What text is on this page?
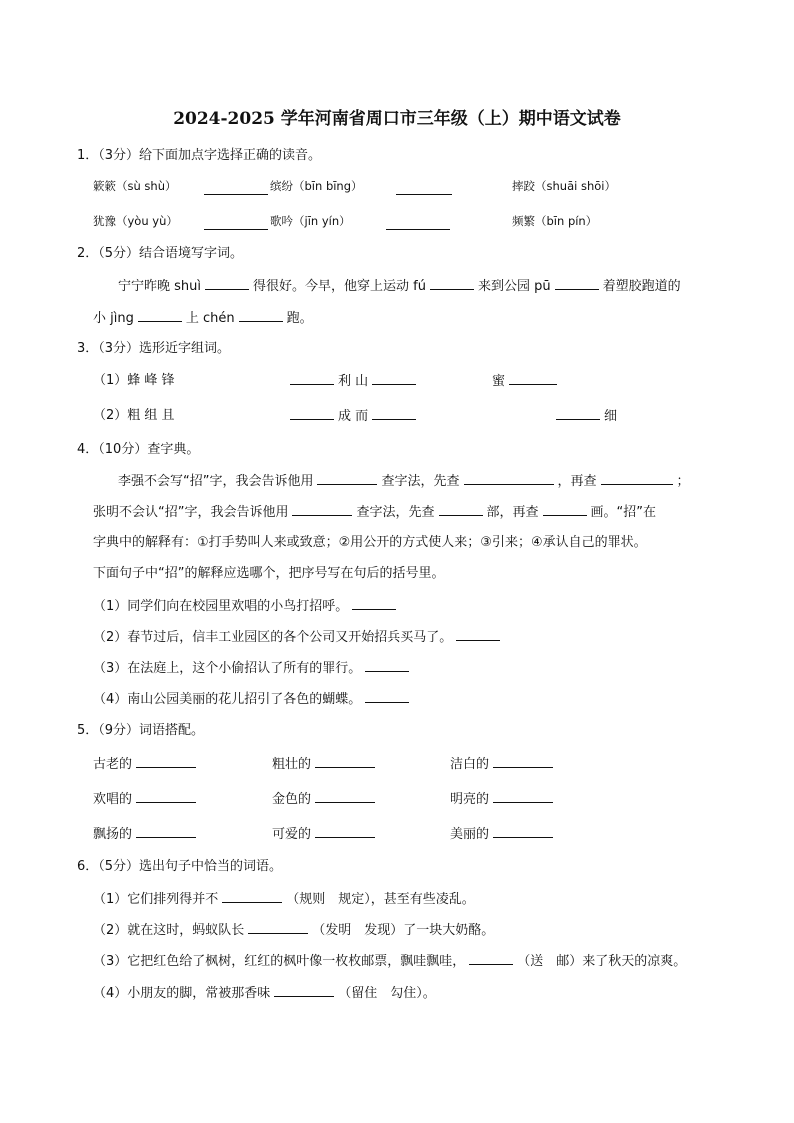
2024-2025 学年河南省周口市三年级（上）期中语文试卷
1．（3分）给下面加点字选择正确的读音。
簌簌（sù shù）	缤纷（bīn bīng）	摔跤（shuāi shōi）
犹豫（yòu yù）	歌吟（jīn yín）	频繁（bīn pín）
2．（5分）结合语境写字词。
宁宁昨晚 shuì	得很好。今早，他穿上运动 fú	来到公园 pū	着塑胶跑道的
小 jìng	上 chén	跑。
3．（3分）选形近字组词。
（1）蜂 峰 锋	利 山	蜜
（2）粗 组 且	成 而	细
4．（10分）查字典。
李强不会写“招”字，我会告诉他用	查字法，先查	，再查	；
张明不会认“招”字，我会告诉他用	查字法，先查	部，再查	画。“招”在
字典中的解释有：①打手势叫人来或致意；②用公开的方式使人来；③引来；④承认自己的罪状。
下面句子中“招”的解释应选哪个，把序号写在句后的括号里。
（1）同学们向在校园里欢唱的小鸟打招呼。
（2）春节过后，信丰工业园区的各个公司又开始招兵买马了。
（3）在法庭上，这个小偷招认了所有的罪行。
（4）南山公园美丽的花儿招引了各色的蝴蝶。
5．（9分）词语搭配。
古老的	粗壮的	洁白的
欢唱的	金色的	明亮的
飘扬的	可爱的	美丽的
6．（5分）选出句子中恰当的词语。
（1）它们排列得并不	（规则　规定），甚至有些凌乱。
（2）就在这时，蚂蚁队长	（发明　发现）了一块大奶酪。
（3）它把红色给了枫树，红红的枫叶像一枚枚邮票，飘哇飘哇，	（送　邮）来了秋天的凉爽。
（4）小朋友的脚，常被那香味	（留住　勾住）。
